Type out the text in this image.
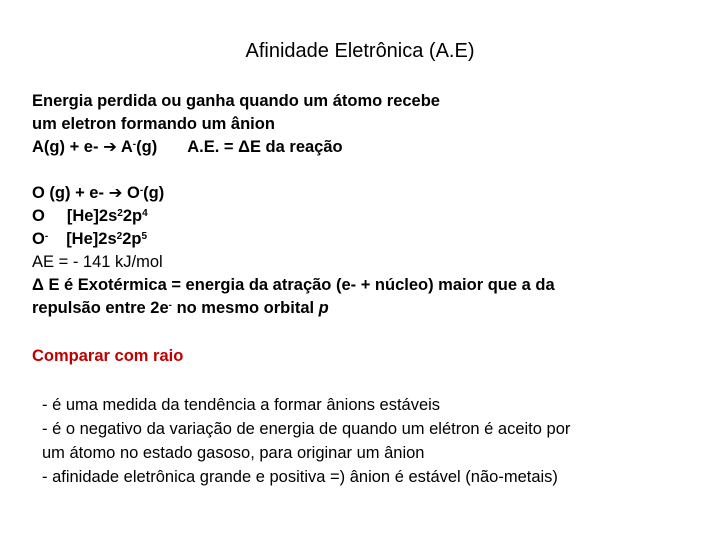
Afinidade Eletrônica (A.E)
Energia perdida ou ganha quando um átomo recebe
um eletron formando um ânion
A(g) + e- ➔ A-(g) A.E. = ΔE da reação
O (g) + e- ➔ O-(g)
O $[He]2s^22p^4$
O- $[He]2s^22p^5$
AE = - 141 kJ/mol
Δ E é Exotérmica = energia da atração (e- + núcleo) maior que a da
repulsão entre 2e- no mesmo orbital p
Comparar com raio
- é uma medida da tendência a formar ânions estáveis
- é o negativo da variação de energia de quando um elétron é aceito por
um átomo no estado gasoso, para originar um ânion
- afinidade eletrônica grande e positiva =) ânion é estável (não-metais)
